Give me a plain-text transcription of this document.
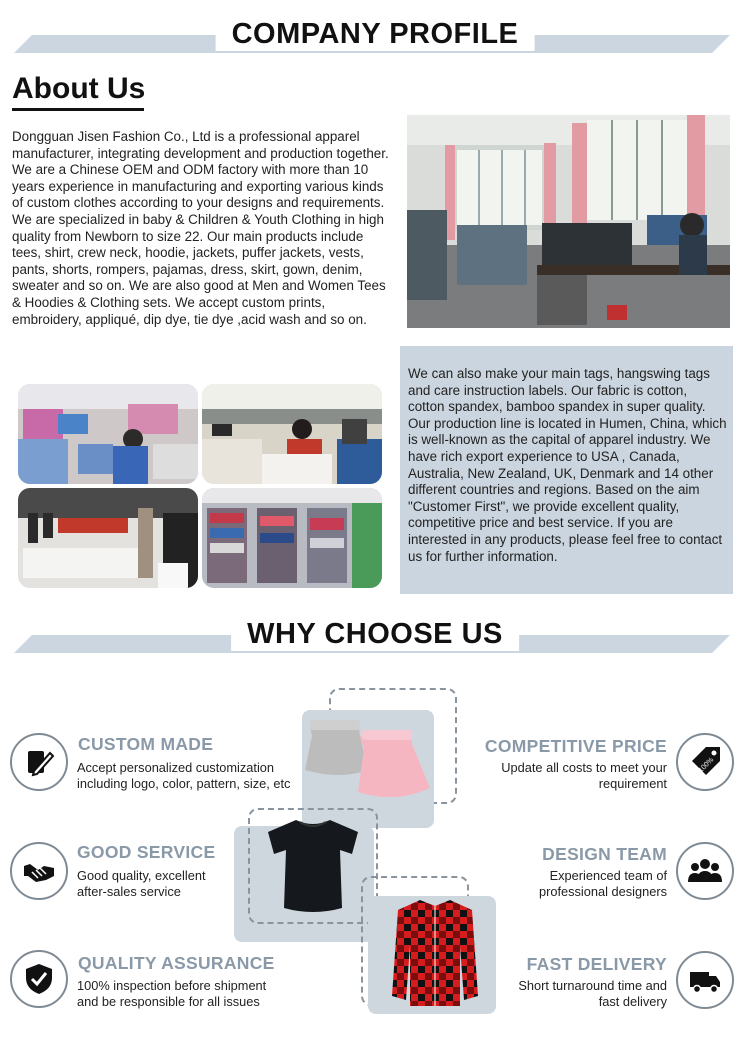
COMPANY PROFILE
About Us

Dongguan Jisen Fashion Co., Ltd is a professional apparel manufacturer, integrating development and production together. We are a Chinese OEM and ODM factory with more than 10 years experience in manufacturing and exporting various kinds of custom clothes according to your designs and requirements. We are specialized in baby & Children & Youth Clothing in high quality from Newborn to size 22. Our main products include tees, shirt, crew neck, hoodie, jackets, puffer jackets, vests, pants, shorts, rompers, pajamas, dress, skirt, gown, denim, sweater and so on. We are also good at Men and Women Tees & Hoodies & Clothing sets. We accept custom prints, embroidery, appliqué, dip dye, tie dye ,acid wash and so on.

We can also make your main tags, hangswing tags and care instruction labels. Our fabric is cotton, cotton spandex, bamboo spandex in super quality. Our production line is located in Humen, China, which is well-known as the capital of apparel industry. We have rich export experience to USA , Canada, Australia, New Zealand, UK, Denmark and 14 other different countries and regions. Based on the aim "Customer First", we provide excellent quality, competitive price and best service. If you are interested in any products, please feel free to contact us for further information.

WHY CHOOSE US
CUSTOM MADE
Accept personalized customization including logo, color, pattern, size, etc
COMPETITIVE PRICE
Update all costs to meet your requirement
100%
GOOD SERVICE
Good quality, excellent after-sales service
DESIGN TEAM
Experienced team of professional designers
QUALITY ASSURANCE
100% inspection before shipment and be responsible for all issues
FAST DELIVERY
Short turnaround time and fast delivery
